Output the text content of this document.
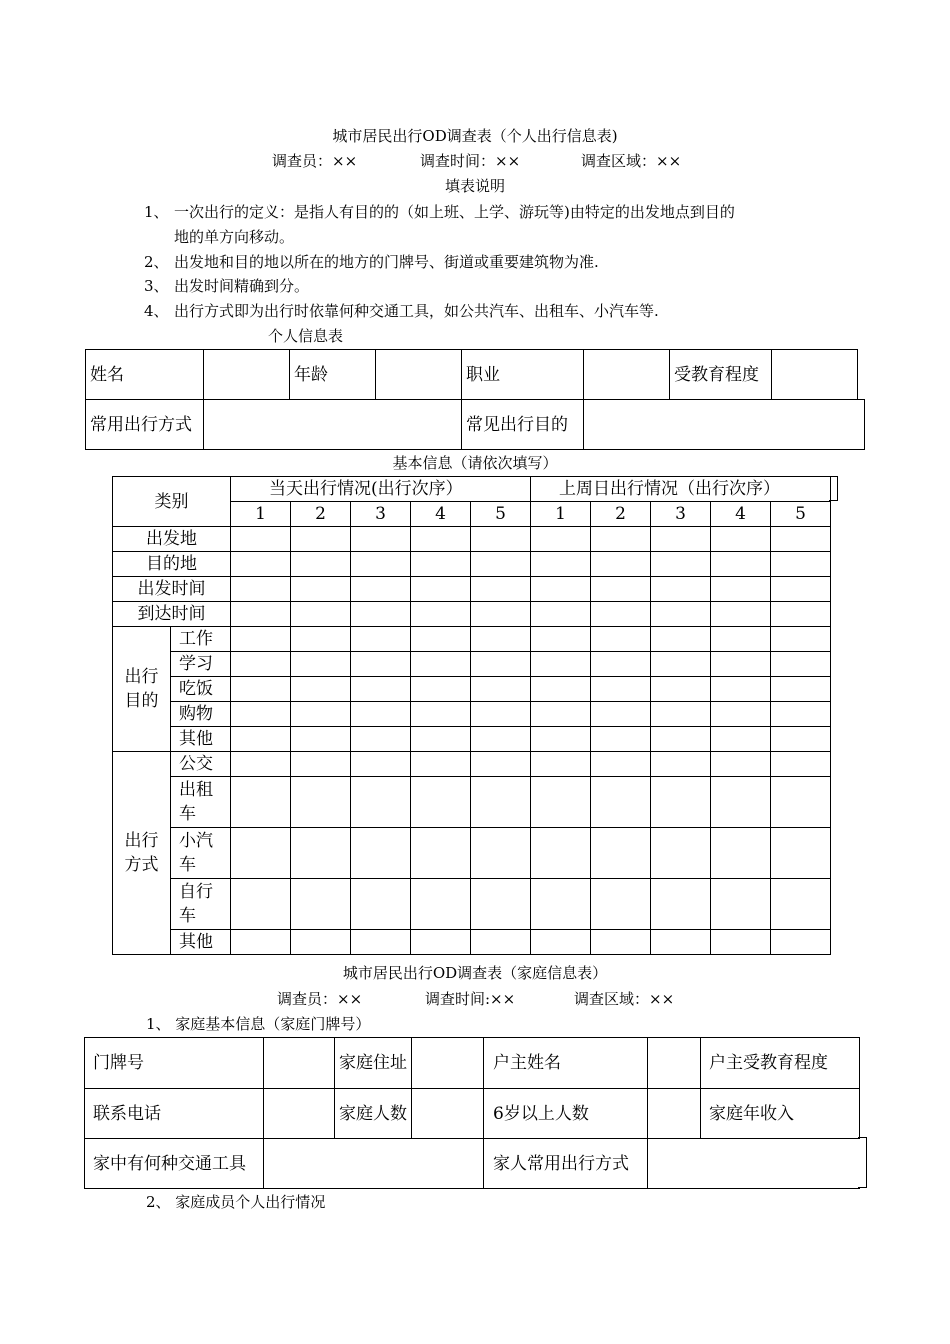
城市居民出行OD调查表（个人出行信息表)
调查员：××	调查时间：××	调查区域：××
填表说明
1、 一次出行的定义：是指人有目的的（如上班、上学、游玩等)由特定的出发地点到目的
地的单方向移动。
2、 出发地和目的地以所在的地方的门牌号、街道或重要建筑物为准.
3、 出发时间精确到分。
4、 出行方式即为出行时依靠何种交通工具，如公共汽车、出租车、小汽车等.
个人信息表
姓名		年龄		职业		受教育程度	
常用出行方式				常见出行目的			
基本信息（请依次填写）
类别		当天出行情况(出行次序）					上周日出行情况（出行次序）				
		1	2	3	4	5	1	2	3	4	5
出发地											
目的地											
出发时间											
到达时间											
出行目的	工作										
	学习										
	吃饭										
	购物										
	其他										
出行方式	公交										
	出租车										
	小汽车										
	自行车										
	其他										
城市居民出行OD调查表（家庭信息表）
调查员：××	调查时间:××	调查区域：××
1、 家庭基本信息（家庭门牌号）
门牌号		家庭住址		户主姓名		户主受教育程度
联系电话		家庭人数		6岁以上人数		家庭年收入
家中有何种交通工具				家人常用出行方式		
2、 家庭成员个人出行情况
